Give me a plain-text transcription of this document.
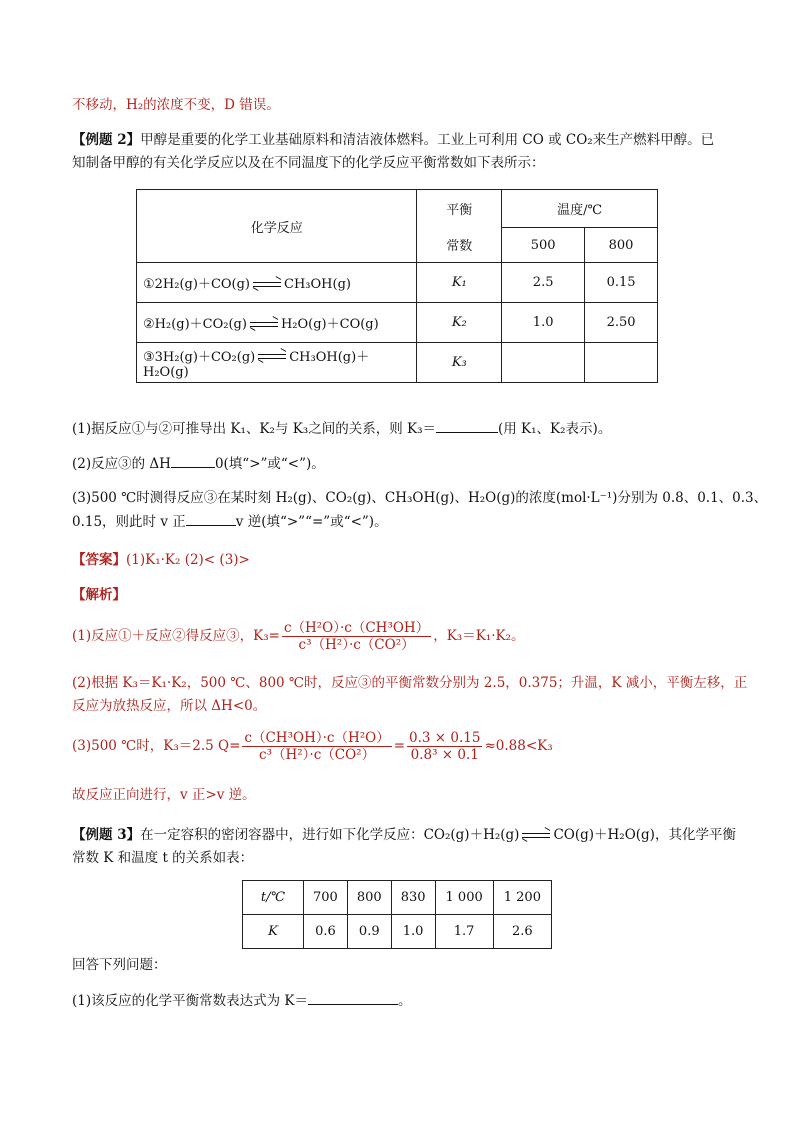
不移动，H₂的浓度不变，D 错误。
【例题 2】甲醇是重要的化学工业基础原料和清洁液体燃料。工业上可利用 CO 或 CO₂来生产燃料甲醇。已
知制备甲醇的有关化学反应以及在不同温度下的化学反应平衡常数如下表所示：
化学反应	平衡	温度/℃	
	常数	500	800
①2H₂(g)＋CO(g) CH₃OH(g)	K₁	2.5	0.15
②H₂(g)＋CO₂(g) H₂O(g)＋CO(g)	K₂	1.0	2.50
③3H₂(g)＋CO₂(g) CH₃OH(g)＋H₂O(g)	K₃		
(1)据反应①与②可推导出 K₁、K₂与 K₃之间的关系，则 K₃＝	(用 K₁、K₂表示)。
(2)反应③的 ΔH	0(填“>”或“<”)。
(3)500 ℃时测得反应③在某时刻 H₂(g)、CO₂(g)、CH₃OH(g)、H₂O(g)的浓度(mol·L⁻¹)分别为 0.8、0.1、0.3、
0.15，则此时 v 正	v 逆(填“>”“=”或“<”)。
【答案】(1)K₁·K₂ (2)< (3)>
【解析】
(1)反应①＋反应②得反应③，$K_3= \frac{\text{c（H²O）·c（CH³OH）}}{\text{c³（H²）·c（CO²）}}$ ，K₃＝K₁·K₂。
(2)根据 K₃＝K₁·K₂，500 ℃、800 ℃时，反应③的平衡常数分别为 2.5，0.375；升温，K 减小，平衡左移，正
反应为放热反应，所以 ΔH<0。
(3)500 ℃时，K₃＝2.5 $Q= \frac{\text{c（CH³OH）·c（H²O）}}{\text{c³（H²）·c（CO²）}} = \frac{0.3 \times 0.15}{\text{0.8³ × 0.1}} \approx 0.88<K_3$
故反应正向进行，v 正>v 逆。
【例题 3】在一定容积的密闭容器中，进行如下化学反应：CO₂(g)＋H₂(g)	CO(g)＋H₂O(g)，其化学平衡
常数 K 和温度 t 的关系如表：
t/℃	700	800	830	1 000	1 200
K	0.6	0.9	1.0	1.7	2.6
回答下列问题：
(1)该反应的化学平衡常数表达式为 K＝	。
